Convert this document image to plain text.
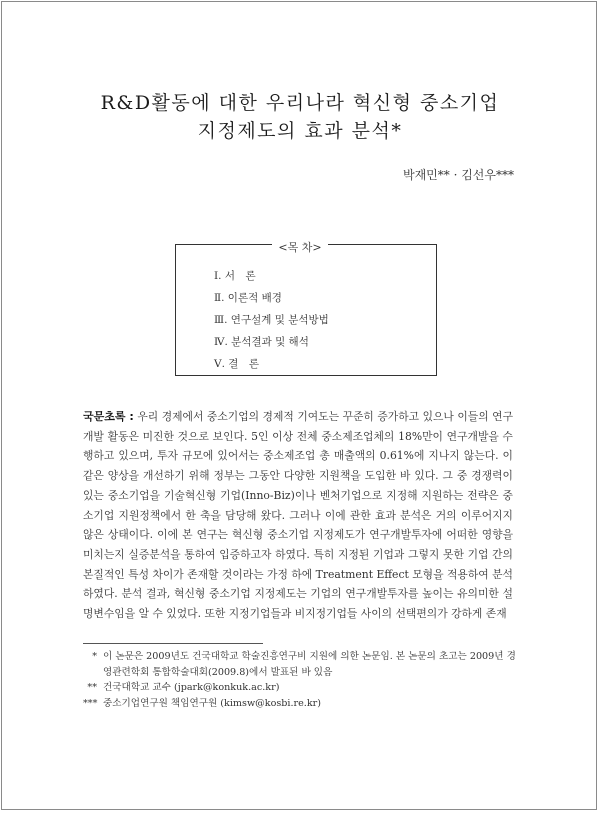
R&D활동에 대한 우리나라 혁신형 중소기업
지정제도의 효과 분석*
박재민** · 김선우***
<목 차>
Ⅰ. 서　론
Ⅱ. 이론적 배경
Ⅲ. 연구설계 및 분석방법
Ⅳ. 분석결과 및 해석
Ⅴ. 결　론
국문초록 : 우리 경제에서 중소기업의 경제적 기여도는 꾸준히 증가하고 있으나 이들의 연구개발 활동은 미진한 것으로 보인다. 5인 이상 전체 중소제조업체의 18%만이 연구개발을 수행하고 있으며, 투자 규모에 있어서는 중소제조업 총 매출액의 0.61%에 지나지 않는다. 이 같은 양상을 개선하기 위해 정부는 그동안 다양한 지원책을 도입한 바 있다. 그 중 경쟁력이 있는 중소기업을 기술혁신형 기업(Inno-Biz)이나 벤처기업으로 지정해 지원하는 전략은 중소기업 지원정책에서 한 축을 담당해 왔다. 그러나 이에 관한 효과 분석은 거의 이루어지지 않은 상태이다. 이에 본 연구는 혁신형 중소기업 지정제도가 연구개발투자에 어떠한 영향을 미치는지 실증분석을 통하여 입증하고자 하였다. 특히 지정된 기업과 그렇지 못한 기업 간의 본질적인 특성 차이가 존재할 것이라는 가정 하에 Treatment Effect 모형을 적용하여 분석하였다. 분석 결과, 혁신형 중소기업 지정제도는 기업의 연구개발투자를 높이는 유의미한 설명변수임을 알 수 있었다. 또한 지정기업들과 비지정기업들 사이의 선택편의가 강하게 존재
* 이 논문은 2009년도 건국대학교 학술진흥연구비 지원에 의한 논문임. 본 논문의 초고는 2009년 경영관련학회 통합학술대회(2009.8)에서 발표된 바 있음
** 건국대학교 교수 (jpark@konkuk.ac.kr)
*** 중소기업연구원 책임연구원 (kimsw@kosbi.re.kr)
